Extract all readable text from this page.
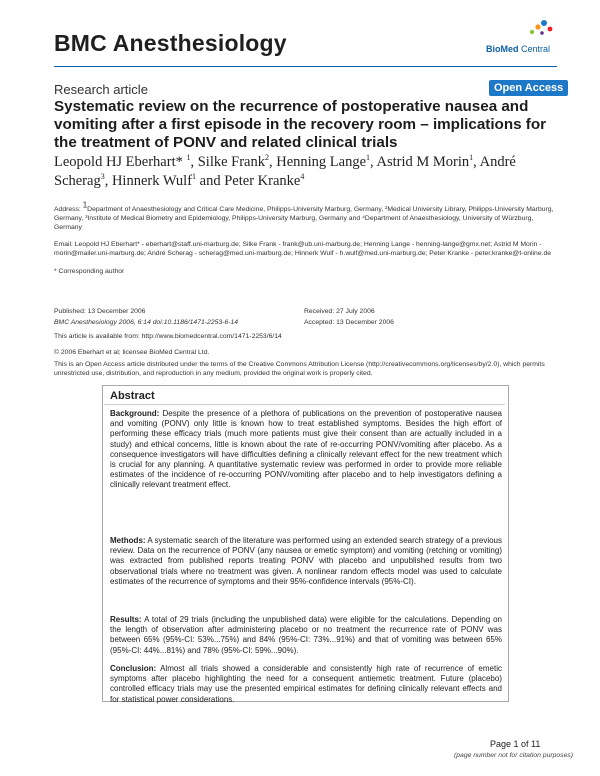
BMC Anesthesiology	BioMed Central
Research article	Open Access
Systematic review on the recurrence of postoperative nausea and vomiting after a first episode in the recovery room – implications for the treatment of PONV and related clinical trials
Leopold HJ Eberhart* $^1$, Silke Frank$^2$, Henning Lange$^1$, Astrid M Morin$^1$, André Scherag$^3$, Hinnerk Wulf$^1$ and Peter Kranke$^4$
Address: $^1$Department of Anaesthesiology and Critical Care Medicine, Philipps-University Marburg, Germany, ²Medical University Library, Philipps-University Marburg, Germany, ³Institute of Medical Biometry and Epidemiology, Philipps-University Marburg, Germany and ⁴Department of Anaesthesiology, University of Würzburg, Germany
Email: Leopold HJ Eberhart* - eberhart@staff.uni-marburg.de; Silke Frank - frank@ub.uni-marburg.de; Henning Lange - henning-lange@gmx.net; Astrid M Morin - morin@mailer.uni-marburg.de; André Scherag - scherag@med.uni-marburg.de; Hinnerk Wulf - h.wulf@med.uni-marburg.de; Peter Kranke - peter.kranke@t-online.de
* Corresponding author
Published: 13 December 2006
BMC Anesthesiology 2006, 6:14 doi:10.1186/1471-2253-6-14
Received: 27 July 2006
Accepted: 13 December 2006
This article is available from: http://www.biomedcentral.com/1471-2253/6/14
© 2006 Eberhart et al; licensee BioMed Central Ltd.
This is an Open Access article distributed under the terms of the Creative Commons Attribution License (http://creativecommons.org/licenses/by/2.0), which permits unrestricted use, distribution, and reproduction in any medium, provided the original work is properly cited.
Abstract
Background: Despite the presence of a plethora of publications on the prevention of postoperative nausea and vomiting (PONV) only little is known how to treat established symptoms. Besides the high effort of performing these efficacy trials (much more patients must give their consent than are actually included in a study) and ethical concerns, little is known about the rate of re-occurring PONV/vomiting after placebo. As a consequence investigators will have difficulties defining a clinically relevant effect for the new treatment which is crucial for any planning. A quantitative systematic review was performed in order to provide more reliable estimates of the incidence of re-occurring PONV/vomiting after placebo and to help investigators defining a clinically relevant treatment effect.
Methods: A systematic search of the literature was performed using an extended search strategy of a previous review. Data on the recurrence of PONV (any nausea or emetic symptom) and vomiting (retching or vomiting) was extracted from published reports treating PONV with placebo and unpublished results from two observational trials where no treatment was given. A nonlinear random effects model was used to calculate estimates of the recurrence of symptoms and their 95%-confidence intervals (95%-CI).
Results: A total of 29 trials (including the unpublished data) were eligible for the calculations. Depending on the length of observation after administering placebo or no treatment the recurrence rate of PONV was between 65% (95%-CI: 53%...75%) and 84% (95%-CI: 73%...91%) and that of vomiting was between 65% (95%-CI: 44%...81%) and 78% (95%-CI: 59%...90%).
Conclusion: Almost all trials showed a considerable and consistently high rate of recurrence of emetic symptoms after placebo highlighting the need for a consequent antiemetic treatment. Future (placebo) controlled efficacy trials may use the presented empirical estimates for defining clinically relevant effects and for statistical power considerations.
Page 1 of 11
(page number not for citation purposes)
